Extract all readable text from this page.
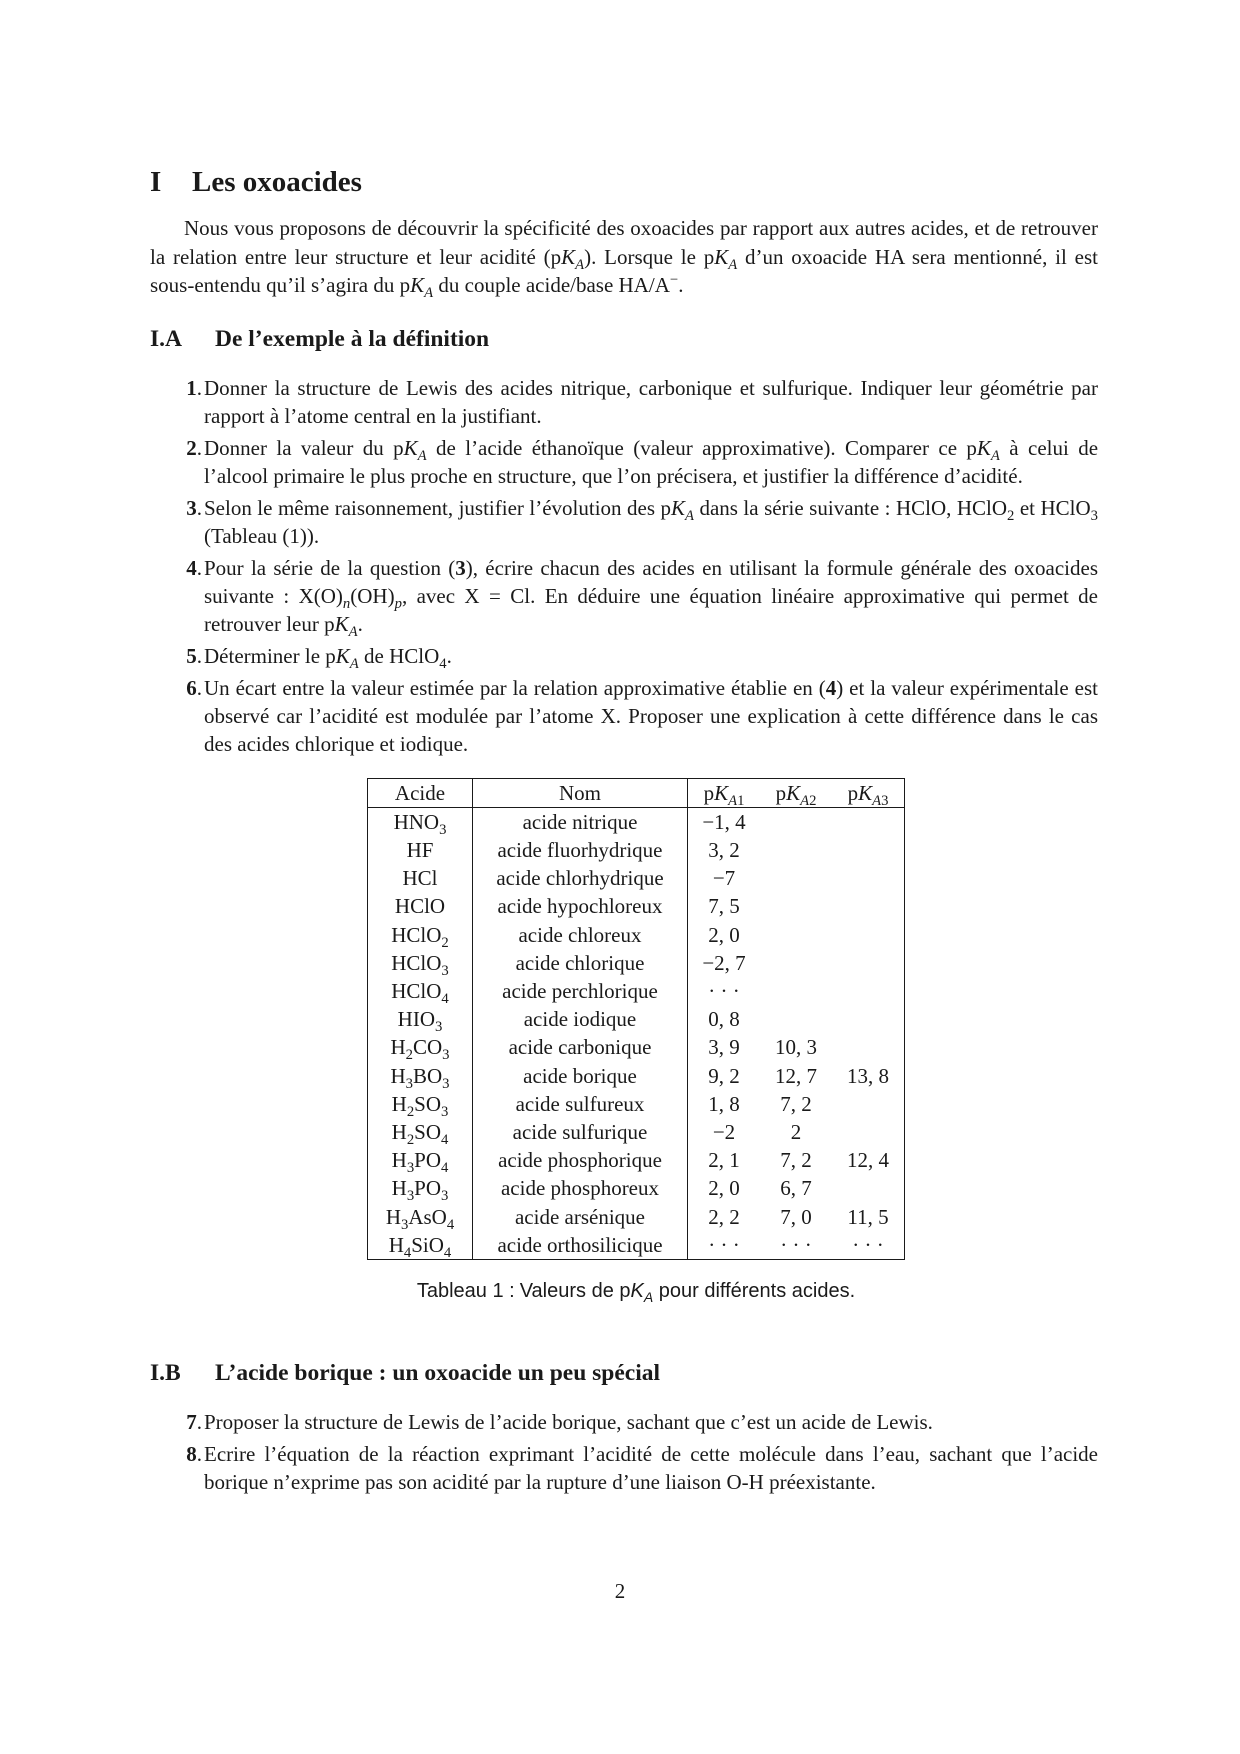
I	Les oxoacides

Nous vous proposons de découvrir la spécificité des oxoacides par rapport aux autres acides, et de retrouver la relation entre leur structure et leur acidité $(pK_A)$. Lorsque le $pK_A$ d’un oxoacide HA sera mentionné, il est sous-entendu qu’il s’agira du $pK_A$ du couple acide/base HA/A−.

I.A	De l’exemple à la définition
1 . Donner la structure de Lewis des acides nitrique, carbonique et sulfurique. Indiquer leur géométrie par rapport à l’atome central en la justifiant.
2 . Donner la valeur du $pK_A$ de l’acide éthanoïque (valeur approximative). Comparer ce $pK_A$ à celui de l’alcool primaire le plus proche en structure, que l’on précisera, et justifier la différence d’acidité.
3 . Selon le même raisonnement, justifier l’évolution des $pK_A$ dans la série suivante : HClO, HClO$_2$ et HClO$_3$ (Tableau (1)).
4 . Pour la série de la question (3), écrire chacun des acides en utilisant la formule générale des oxoacides suivante : $X(O)_n(OH)_p$, avec X = Cl. En déduire une équation linéaire approximative qui permet de retrouver leur $pK_A$.
5 . Déterminer le $pK_A$ de HClO$_4$.
6 . Un écart entre la valeur estimée par la relation approximative établie en (4) et la valeur expérimentale est observé car l’acidité est modulée par l’atome X. Proposer une explication à cette différence dans le cas des acides chlorique et iodique.
Acide	Nom	$pK_{A1}$	$pK_{A2}$	$pK_{A3}$
$HNO_3$	acide nitrique	−1, 4		
HF	acide fluorhydrique	3, 2		
HCl	acide chlorhydrique	−7		
HClO	acide hypochloreux	7, 5		
HClO$_2$	acide chloreux	2, 0		
HClO$_3$	acide chlorique	−2, 7		
HClO$_4$	acide perchlorique	· · ·		
$HIO_3$	acide iodique	0, 8		
$H_2CO_3$	acide carbonique	3, 9	10, 3	
$H_3BO_3$	acide borique	9, 2	12, 7	13, 8
$H_2SO_3$	acide sulfureux	1, 8	7, 2	
$H_2SO_4$	acide sulfurique	−2	2	
$H_3PO_4$	acide phosphorique	2, 1	7, 2	12, 4
$H_3PO_3$	acide phosphoreux	2, 0	6, 7	
$H_3AsO_4$	acide arsénique	2, 2	7, 0	11, 5
$H_4SiO_4$	acide orthosilicique	· · ·	· · ·	· · ·
Tableau 1 : Valeurs de $pK_A$ pour différents acides.
I.B	L’acide borique : un oxoacide un peu spécial
7 . Proposer la structure de Lewis de l’acide borique, sachant que c’est un acide de Lewis.
8 . Ecrire l’équation de la réaction exprimant l’acidité de cette molécule dans l’eau, sachant que l’acide borique n’exprime pas son acidité par la rupture d’une liaison O-H préexistante.
2
